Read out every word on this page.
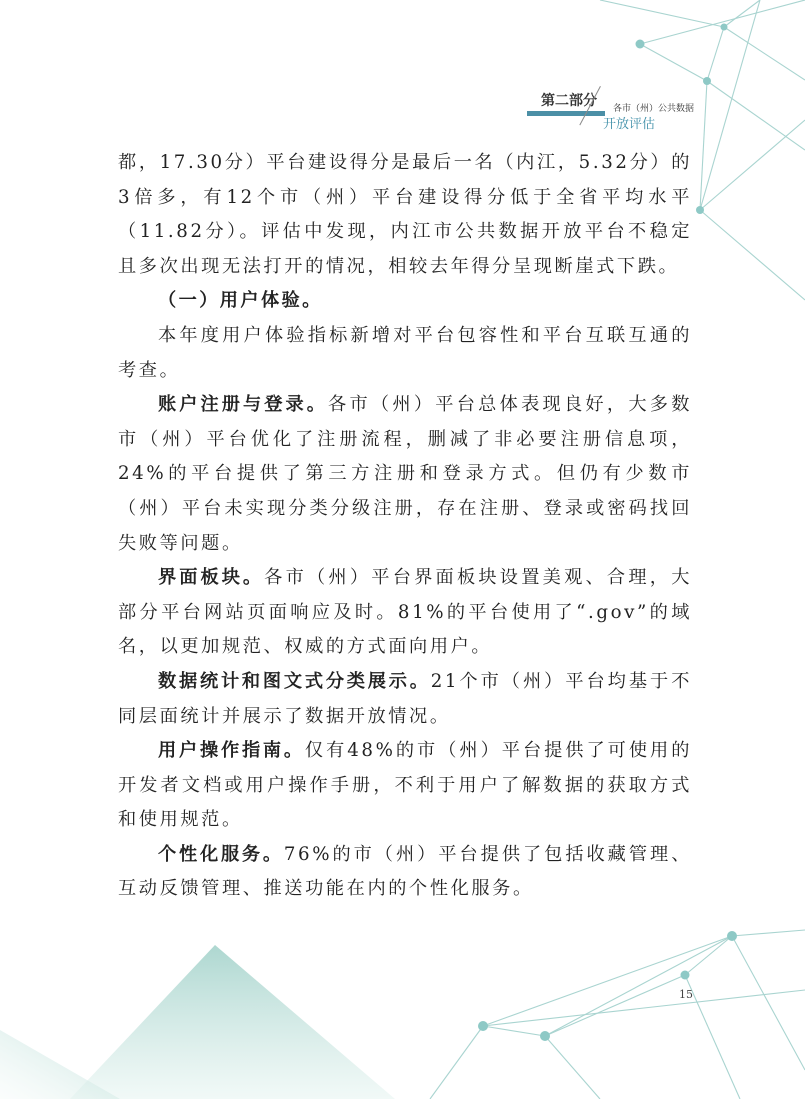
第二部分 各市（州）公共数据
开放评估

都，17.30分）平台建设得分是最后一名（内江，5.32分）的3倍多，有12个市（州）平台建设得分低于全省平均水平（11.82分）。评估中发现，内江市公共数据开放平台不稳定且多次出现无法打开的情况，相较去年得分呈现断崖式下跌。

（一）用户体验。

本年度用户体验指标新增对平台包容性和平台互联互通的考查。

账户注册与登录。各市（州）平台总体表现良好，大多数市（州）平台优化了注册流程，删减了非必要注册信息项，24%的平台提供了第三方注册和登录方式。但仍有少数市（州）平台未实现分类分级注册，存在注册、登录或密码找回失败等问题。

界面板块。各市（州）平台界面板块设置美观、合理，大部分平台网站页面响应及时。81%的平台使用了“.gov”的域名，以更加规范、权威的方式面向用户。

数据统计和图文式分类展示。21个市（州）平台均基于不同层面统计并展示了数据开放情况。

用户操作指南。仅有48%的市（州）平台提供了可使用的开发者文档或用户操作手册，不利于用户了解数据的获取方式和使用规范。

个性化服务。76%的市（州）平台提供了包括收藏管理、互动反馈管理、推送功能在内的个性化服务。

15
